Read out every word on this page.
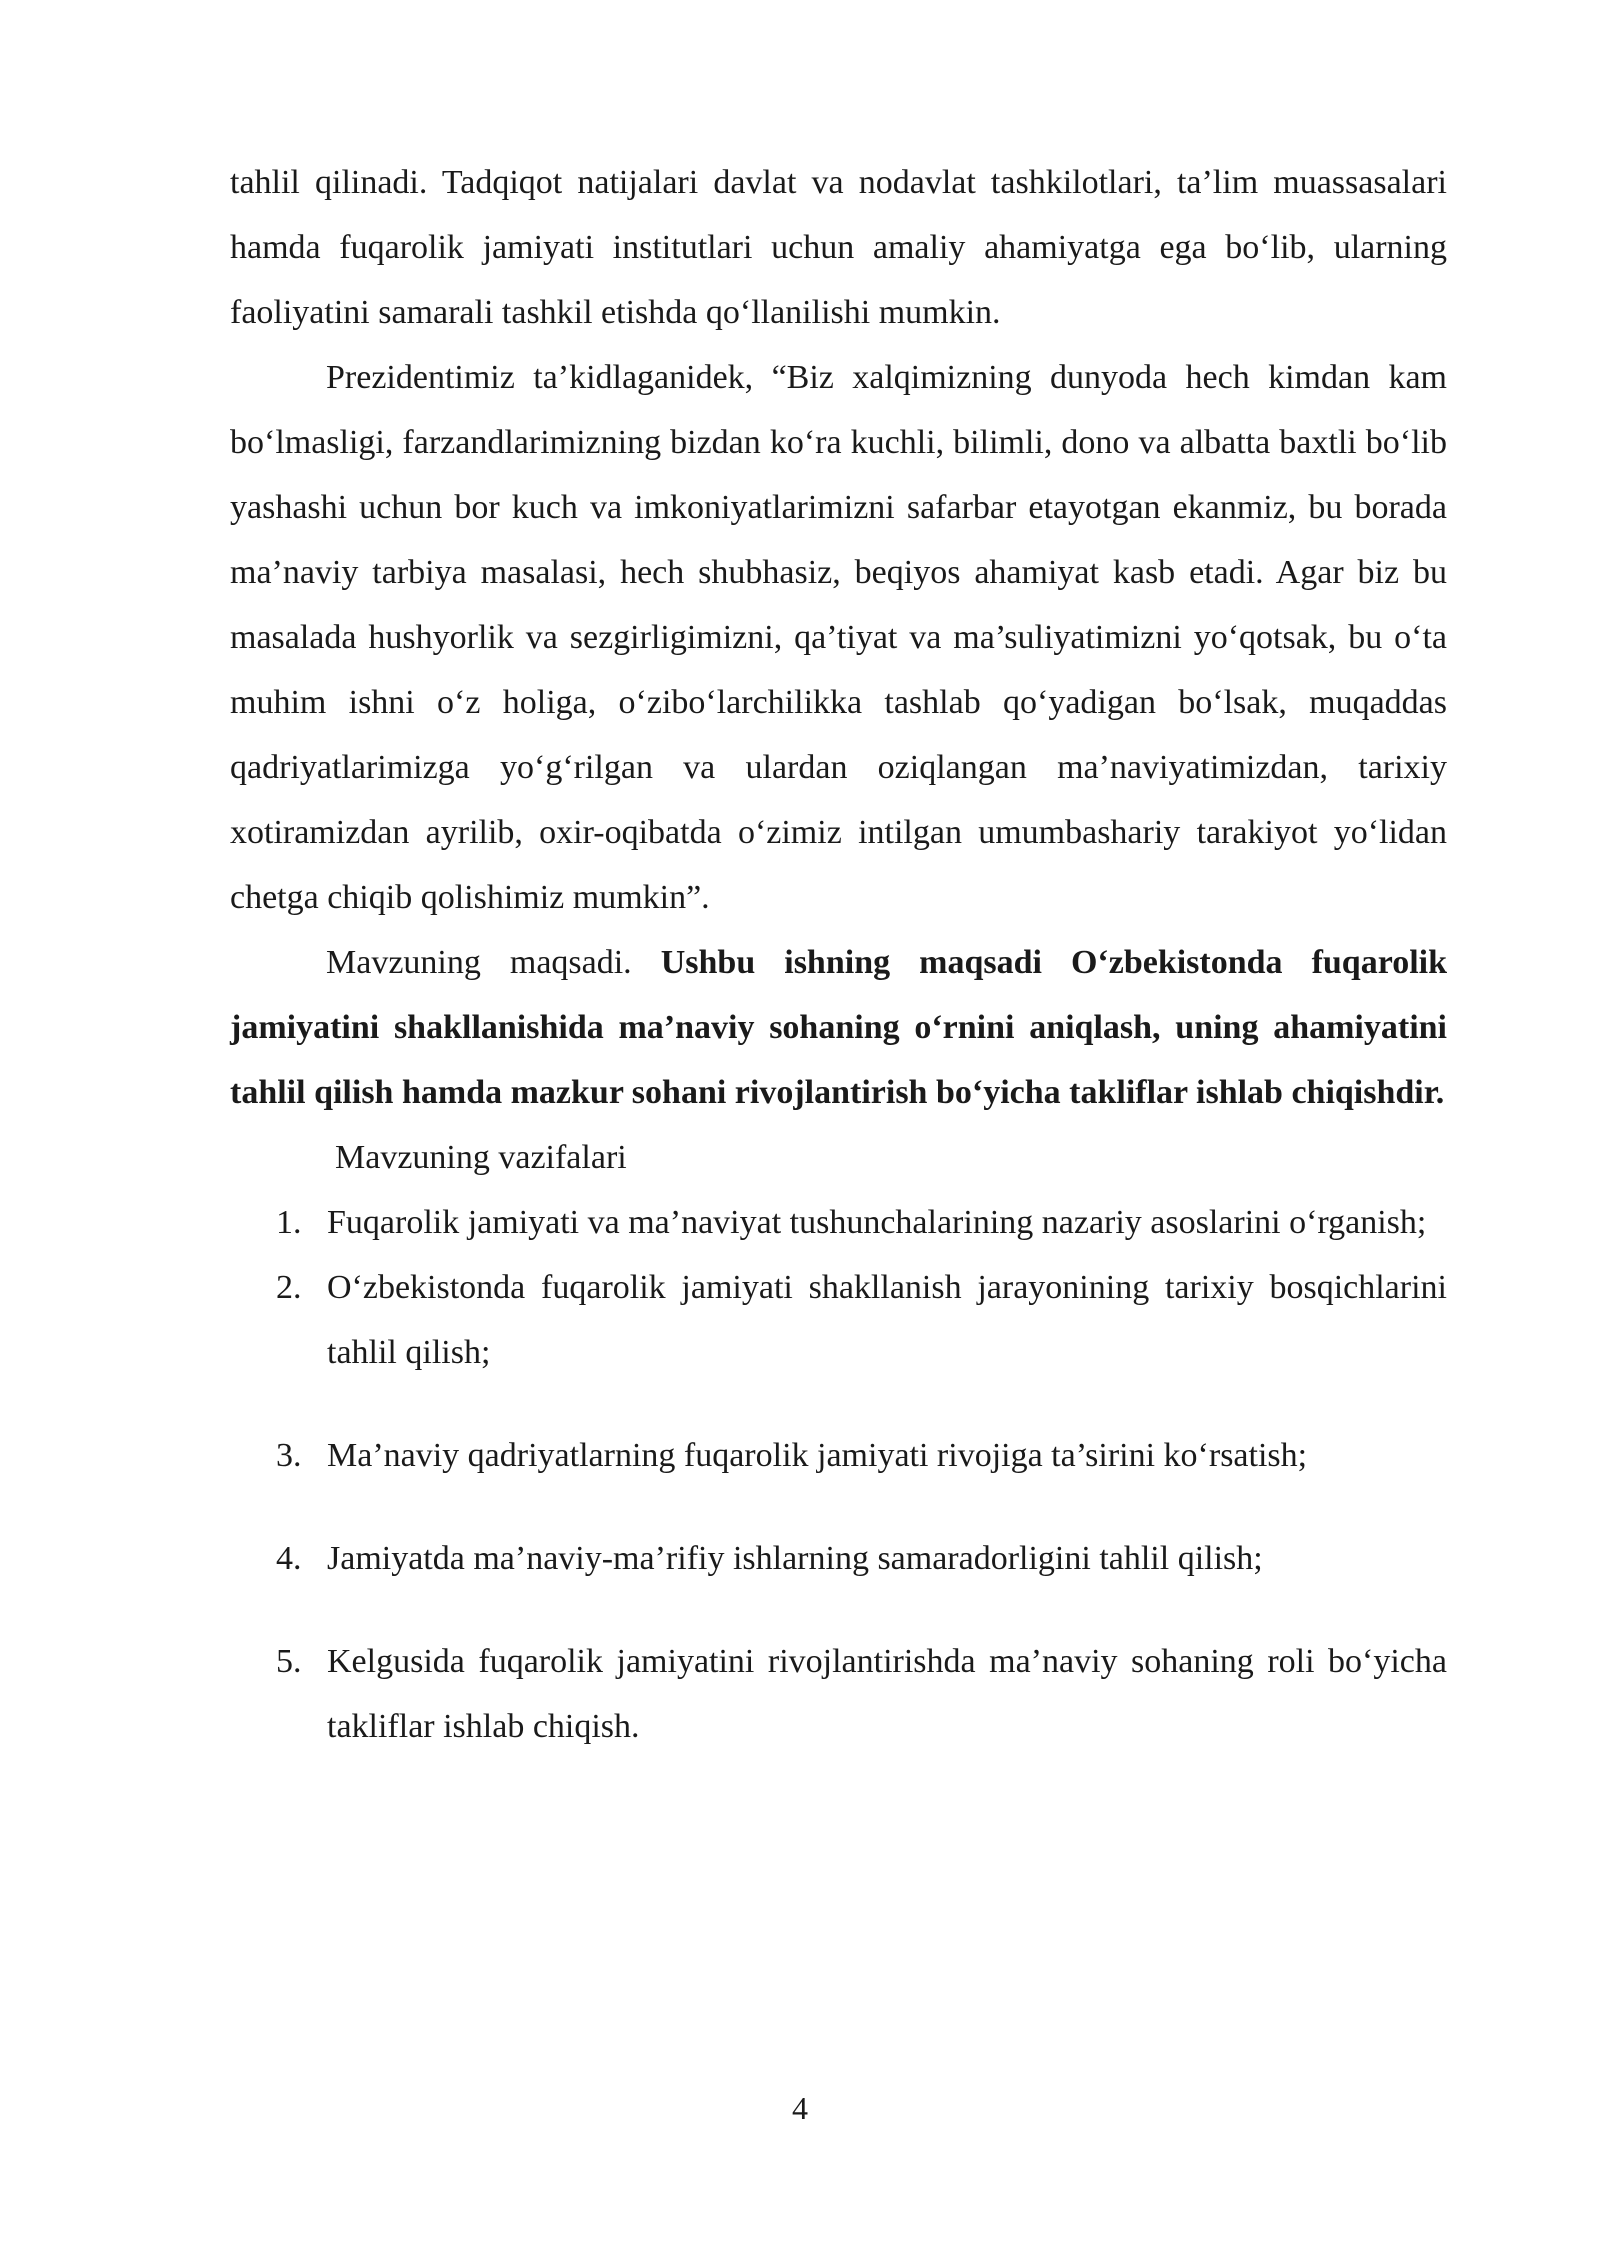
tahlil qilinadi. Tadqiqot natijalari davlat va nodavlat tashkilotlari, ta’lim muassasalari hamda fuqarolik jamiyati institutlari uchun amaliy ahamiyatga ega bo‘lib, ularning faoliyatini samarali tashkil etishda qo‘llanilishi mumkin.

Prezidentimiz ta’kidlaganidek, “Biz xalqimizning dunyoda hech kimdan kam bo‘lmasligi, farzandlarimizning bizdan ko‘ra kuchli, bilimli, dono va albatta baxtli bo‘lib yashashi uchun bor kuch va imkoniyatlarimizni safarbar etayotgan ekanmiz, bu borada ma’naviy tarbiya masalasi, hech shubhasiz, beqiyos ahamiyat kasb etadi. Agar biz bu masalada hushyorlik va sezgirligimizni, qa’tiyat va ma’suliyatimizni yo‘qotsak, bu o‘ta muhim ishni o‘z holiga, o‘zibo‘larchilikka tashlab qo‘yadigan bo‘lsak, muqaddas qadriyatlarimizga yo‘g‘rilgan va ulardan oziqlangan ma’naviyatimizdan, tarixiy xotiramizdan ayrilib, oxir-oqibatda o‘zimiz intilgan umumbashariy tarakiyot yo‘lidan chetga chiqib qolishimiz mumkin”.

Mavzuning maqsadi. Ushbu ishning maqsadi O‘zbekistonda fuqarolik jamiyatini shakllanishida ma’naviy sohaning o‘rnini aniqlash, uning ahamiyatini tahlil qilish hamda mazkur sohani rivojlantirish bo‘yicha takliflar ishlab chiqishdir.

Mavzuning vazifalari

1. Fuqarolik jamiyati va ma’naviyat tushunchalarining nazariy asoslarini o‘rganish;
2. O‘zbekistonda fuqarolik jamiyati shakllanish jarayonining tarixiy bosqichlarini tahlil qilish;
3. Ma’naviy qadriyatlarning fuqarolik jamiyati rivojiga ta’sirini ko‘rsatish;
4. Jamiyatda ma’naviy-ma’rifiy ishlarning samaradorligini tahlil qilish;
5. Kelgusida fuqarolik jamiyatini rivojlantirishda ma’naviy sohaning roli bo‘yicha takliflar ishlab chiqish.
4
